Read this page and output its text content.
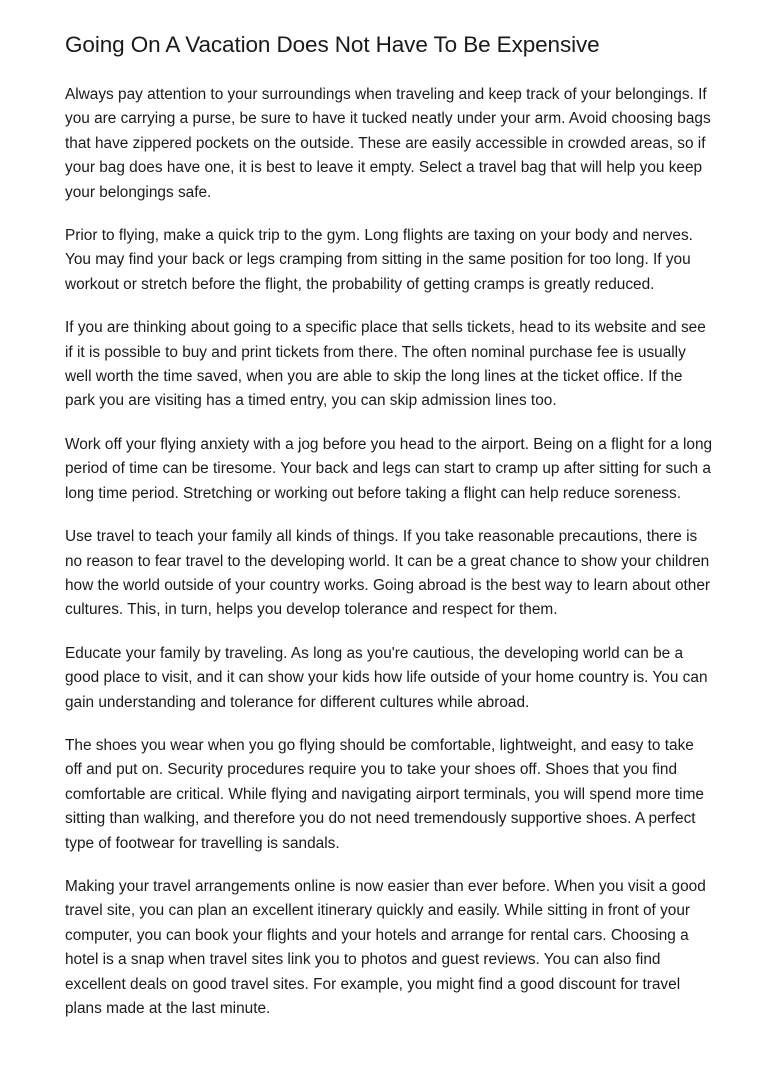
Going On A Vacation Does Not Have To Be Expensive

Always pay attention to your surroundings when traveling and keep track of your belongings. If you are carrying a purse, be sure to have it tucked neatly under your arm. Avoid choosing bags that have zippered pockets on the outside. These are easily accessible in crowded areas, so if your bag does have one, it is best to leave it empty. Select a travel bag that will help you keep your belongings safe.

Prior to flying, make a quick trip to the gym. Long flights are taxing on your body and nerves. You may find your back or legs cramping from sitting in the same position for too long. If you workout or stretch before the flight, the probability of getting cramps is greatly reduced.

If you are thinking about going to a specific place that sells tickets, head to its website and see if it is possible to buy and print tickets from there. The often nominal purchase fee is usually well worth the time saved, when you are able to skip the long lines at the ticket office. If the park you are visiting has a timed entry, you can skip admission lines too.

Work off your flying anxiety with a jog before you head to the airport. Being on a flight for a long period of time can be tiresome. Your back and legs can start to cramp up after sitting for such a long time period. Stretching or working out before taking a flight can help reduce soreness.

Use travel to teach your family all kinds of things. If you take reasonable precautions, there is no reason to fear travel to the developing world. It can be a great chance to show your children how the world outside of your country works. Going abroad is the best way to learn about other cultures. This, in turn, helps you develop tolerance and respect for them.

Educate your family by traveling. As long as you're cautious, the developing world can be a good place to visit, and it can show your kids how life outside of your home country is. You can gain understanding and tolerance for different cultures while abroad.

The shoes you wear when you go flying should be comfortable, lightweight, and easy to take off and put on. Security procedures require you to take your shoes off. Shoes that you find comfortable are critical. While flying and navigating airport terminals, you will spend more time sitting than walking, and therefore you do not need tremendously supportive shoes. A perfect type of footwear for travelling is sandals.

Making your travel arrangements online is now easier than ever before. When you visit a good travel site, you can plan an excellent itinerary quickly and easily. While sitting in front of your computer, you can book your flights and your hotels and arrange for rental cars. Choosing a hotel is a snap when travel sites link you to photos and guest reviews. You can also find excellent deals on good travel sites. For example, you might find a good discount for travel plans made at the last minute.
